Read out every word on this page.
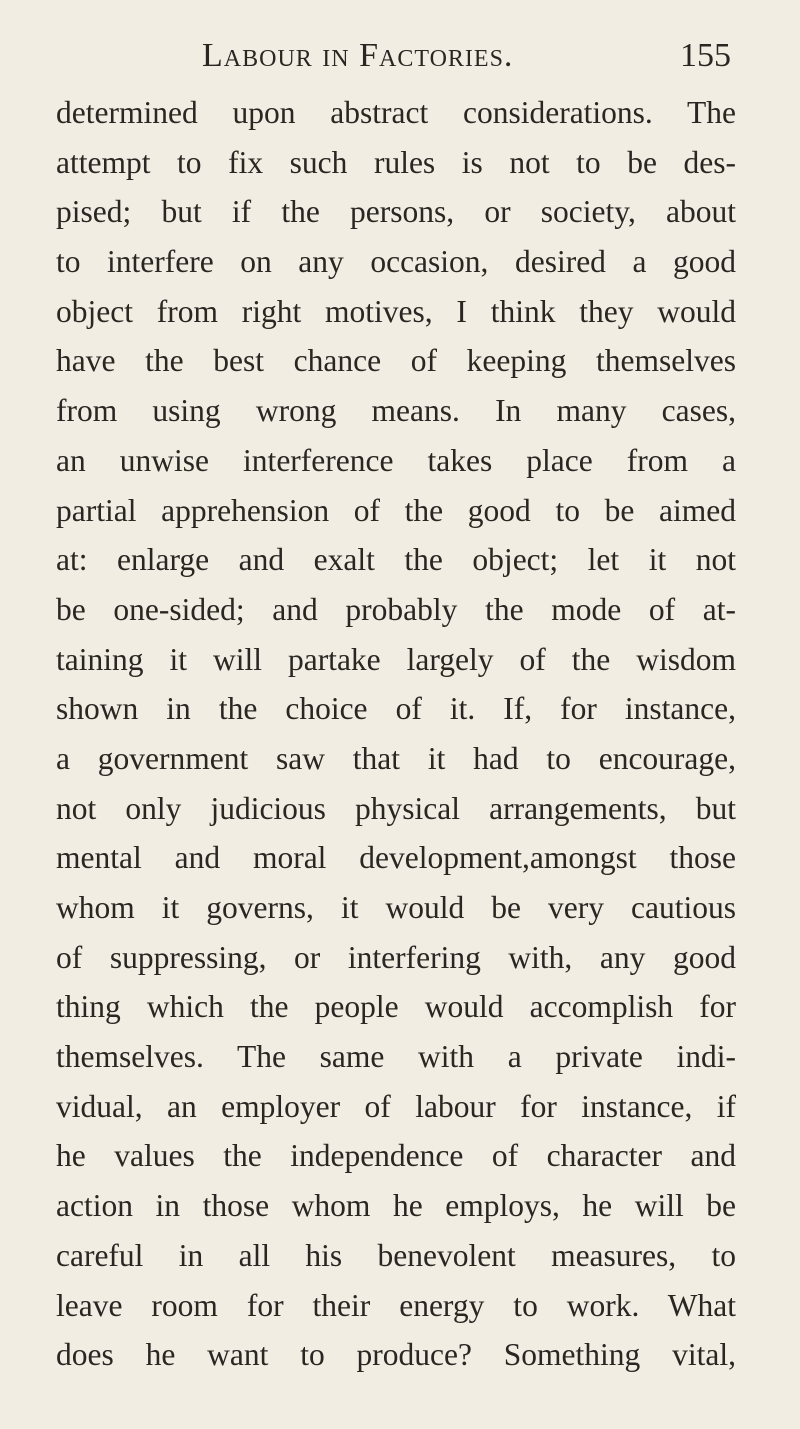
Labour in Factories.	155
determined upon abstract considerations. The
attempt to fix such rules is not to be des-
pised; but if the persons, or society, about
to interfere on any occasion, desired a good
object from right motives, I think they would
have the best chance of keeping themselves
from using wrong means. In many cases,
an unwise interference takes place from a
partial apprehension of the good to be aimed
at: enlarge and exalt the object; let it not
be one-sided; and probably the mode of at-
taining it will partake largely of the wisdom
shown in the choice of it. If, for instance,
a government saw that it had to encourage,
not only judicious physical arrangements, but
mental and moral development,amongst those
whom it governs, it would be very cautious
of suppressing, or interfering with, any good
thing which the people would accomplish for
themselves. The same with a private indi-
vidual, an employer of labour for instance, if
he values the independence of character and
action in those whom he employs, he will be
careful in all his benevolent measures, to
leave room for their energy to work. What
does he want to produce? Something vital,
